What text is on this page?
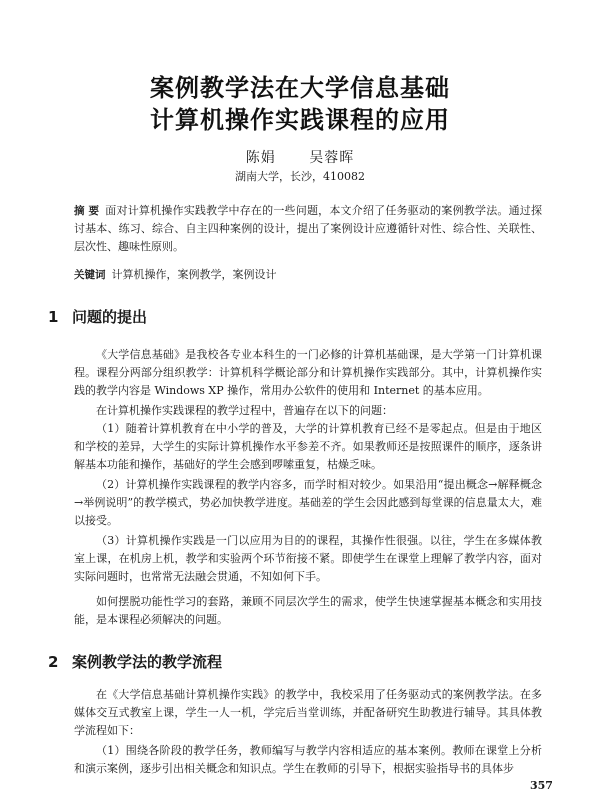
案例教学法在大学信息基础
计算机操作实践课程的应用
陈娟 吴蓉晖
湖南大学，长沙，410082

摘 要 面对计算机操作实践教学中存在的一些问题，本文介绍了任务驱动的案例教学法。通过探讨基本、练习、综合、自主四种案例的设计，提出了案例设计应遵循针对性、综合性、关联性、层次性、趣味性原则。

关键词 计算机操作，案例教学，案例设计

1 问题的提出

《大学信息基础》是我校各专业本科生的一门必修的计算机基础课，是大学第一门计算机课程。课程分两部分组织教学：计算机科学概论部分和计算机操作实践部分。其中，计算机操作实践的教学内容是 Windows XP 操作，常用办公软件的使用和 Internet 的基本应用。

在计算机操作实践课程的教学过程中，普遍存在以下的问题：

（1）随着计算机教育在中小学的普及，大学的计算机教育已经不是零起点。但是由于地区和学校的差异，大学生的实际计算机操作水平参差不齐。如果教师还是按照课件的顺序，逐条讲解基本功能和操作，基础好的学生会感到啰嗦重复，枯燥乏味。

（2）计算机操作实践课程的教学内容多，而学时相对较少。如果沿用“提出概念→解释概念→举例说明”的教学模式，势必加快教学进度。基础差的学生会因此感到每堂课的信息量太大，难以接受。

（3）计算机操作实践是一门以应用为目的的课程，其操作性很强。以往，学生在多媒体教室上课，在机房上机，教学和实验两个环节衔接不紧。即使学生在课堂上理解了教学内容，面对实际问题时，也常常无法融会贯通，不知如何下手。

如何摆脱功能性学习的套路，兼顾不同层次学生的需求，使学生快速掌握基本概念和实用技能，是本课程必须解决的问题。

2 案例教学法的教学流程

在《大学信息基础计算机操作实践》的教学中，我校采用了任务驱动式的案例教学法。在多媒体交互式教室上课，学生一人一机，学完后当堂训练，并配备研究生助教进行辅导。其具体教学流程如下：

（1）围绕各阶段的教学任务，教师编写与教学内容相适应的基本案例。教师在课堂上分析和演示案例，逐步引出相关概念和知识点。学生在教师的引导下，根据实验指导书的具体步

357
